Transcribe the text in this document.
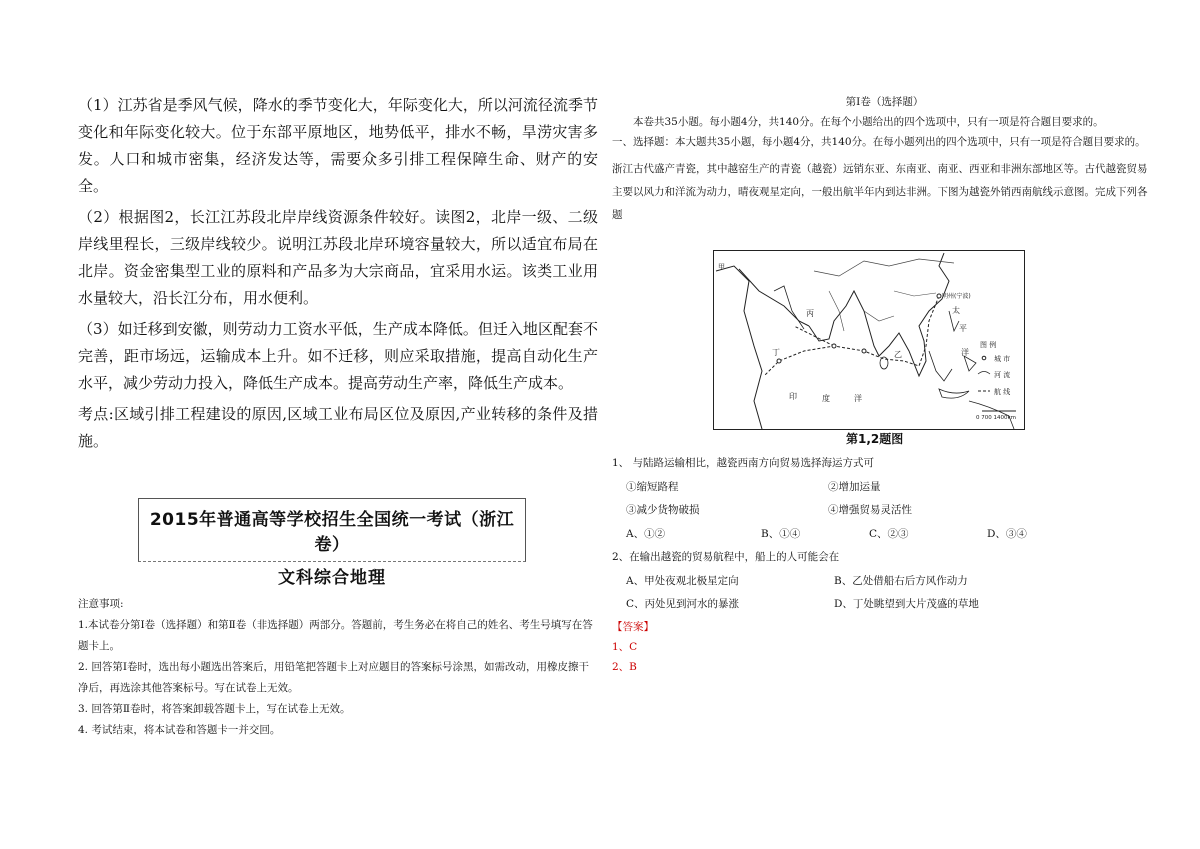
（1）江苏省是季风气候，降水的季节变化大，年际变化大，所以河流径流季节变化和年际变化较大。位于东部平原地区，地势低平，排水不畅，旱涝灾害多发。人口和城市密集，经济发达等，需要众多引排工程保障生命、财产的安全。

（2）根据图2，长江江苏段北岸岸线资源条件较好。读图2，北岸一级、二级岸线里程长，三级岸线较少。说明江苏段北岸环境容量较大，所以适宜布局在北岸。资金密集型工业的原料和产品多为大宗商品，宜采用水运。该类工业用水量较大，沿长江分布，用水便利。

（3）如迁移到安徽，则劳动力工资水平低，生产成本降低。但迁入地区配套不完善，距市场远，运输成本上升。如不迁移，则应采取措施，提高自动化生产水平，减少劳动力投入，降低生产成本。提高劳动生产率，降低生产成本。

考点:区域引排工程建设的原因,区域工业布局区位及原因,产业转移的条件及措施。

2015年普通高等学校招生全国统一考试（浙江卷）
文科综合地理
注意事项:
1.本试卷分第Ⅰ卷（选择题）和第Ⅱ卷（非选择题）两部分。答题前，考生务必在将自己的姓名、考生号填写在答题卡上。
2. 回答第Ⅰ卷时，选出每小题选出答案后，用铅笔把答题卡上对应题目的答案标号涂黑，如需改动，用橡皮擦干净后，再选涂其他答案标号。写在试卷上无效。
3. 回答第Ⅱ卷时，将答案卸载答题卡上，写在试卷上无效。
4. 考试结束，将本试卷和答题卡一并交回。

第Ⅰ卷（选择题）

本卷共35小题。每小题4分，共140分。在每个小题给出的四个选项中，只有一项是符合题目要求的。

一、选择题：本大题共35小题，每小题4分，共140分。在每小题列出的四个选项中，只有一项是符合题目要求的。

浙江古代盛产青瓷，其中越窑生产的青瓷（越瓷）远销东亚、东南亚、南亚、西亚和非洲东部地区等。古代越瓷贸易主要以风力和洋流为动力，晴夜观星定向，一般出航半年内到达非洲。下图为越瓷外销西南航线示意图。完成下列各题

甲
明州(宁波)
乙
丙
丁
太
平
洋
印	度	洋
图 例
城 市
河 流
航 线
0 700 1400km
第1,2题图
1、 与陆路运输相比，越瓷西南方向贸易选择海运方式可
①缩短路程	②增加运量
③减少货物破损	④增强贸易灵活性
A、①②	B、①④	C、②③	D、③④
2、在输出越瓷的贸易航程中，船上的人可能会在
A、甲处夜观北极星定向	B、乙处借船右后方风作动力
C、丙处见到河水的暴涨	D、丁处眺望到大片茂盛的草地
【答案】
1、C
2、B
